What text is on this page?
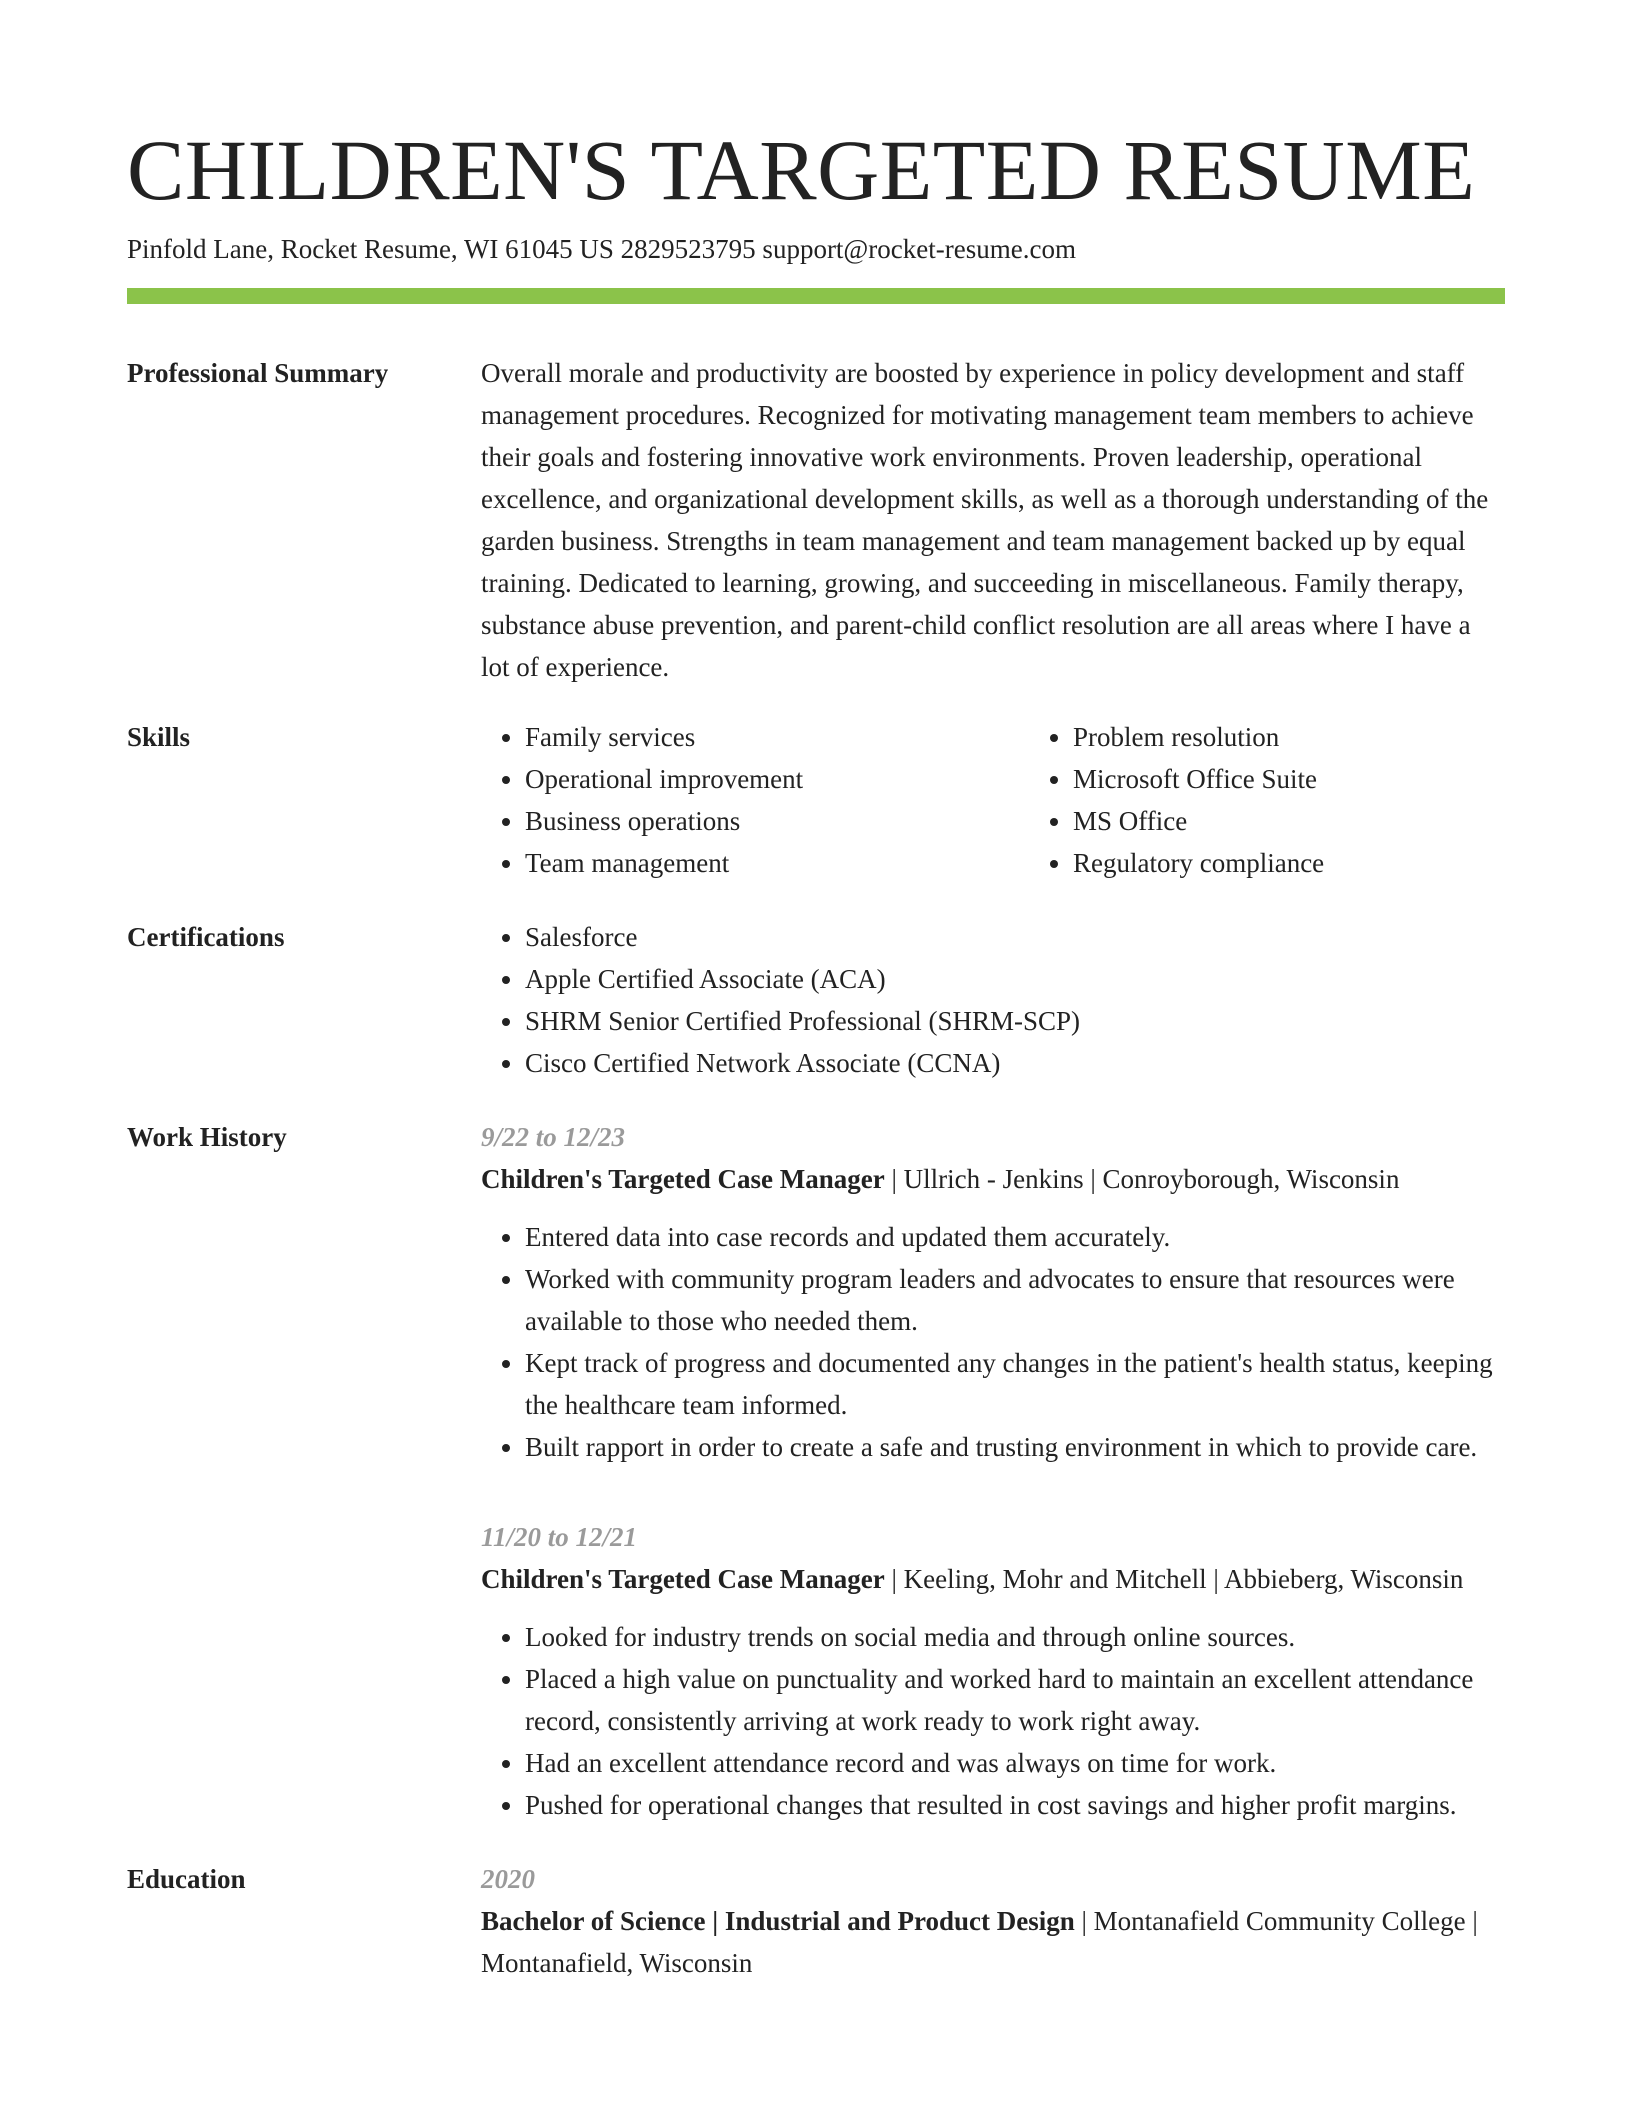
CHILDREN'S TARGETED RESUME
Pinfold Lane, Rocket Resume, WI 61045 US 2829523795 support@rocket-resume.com
Professional Summary	Overall morale and productivity are boosted by experience in policy development and staff management procedures. Recognized for motivating management team members to achieve their goals and fostering innovative work environments. Proven leadership, operational excellence, and organizational development skills, as well as a thorough understanding of the garden business. Strengths in team management and team management backed up by equal training. Dedicated to learning, growing, and succeeding in miscellaneous. Family therapy, substance abuse prevention, and parent-child conflict resolution are all areas where I have a lot of experience.

Skills	• Family services
• Operational improvement
• Business operations
• Team management
• Problem resolution
• Microsoft Office Suite
• MS Office
• Regulatory compliance
Certifications	• Salesforce
• Apple Certified Associate (ACA)
• SHRM Senior Certified Professional (SHRM-SCP)
• Cisco Certified Network Associate (CCNA)
Work History	9/22 to 12/23
Children's Targeted Case Manager | Ullrich - Jenkins | Conroyborough, Wisconsin
• Entered data into case records and updated them accurately.
• Worked with community program leaders and advocates to ensure that resources were available to those who needed them.
• Kept track of progress and documented any changes in the patient's health status, keeping the healthcare team informed.
• Built rapport in order to create a safe and trusting environment in which to provide care.
11/20 to 12/21
Children's Targeted Case Manager | Keeling, Mohr and Mitchell | Abbieberg, Wisconsin
• Looked for industry trends on social media and through online sources.
• Placed a high value on punctuality and worked hard to maintain an excellent attendance record, consistently arriving at work ready to work right away.
• Had an excellent attendance record and was always on time for work.
• Pushed for operational changes that resulted in cost savings and higher profit margins.
Education	2020
Bachelor of Science | Industrial and Product Design | Montanafield Community College | Montanafield, Wisconsin
